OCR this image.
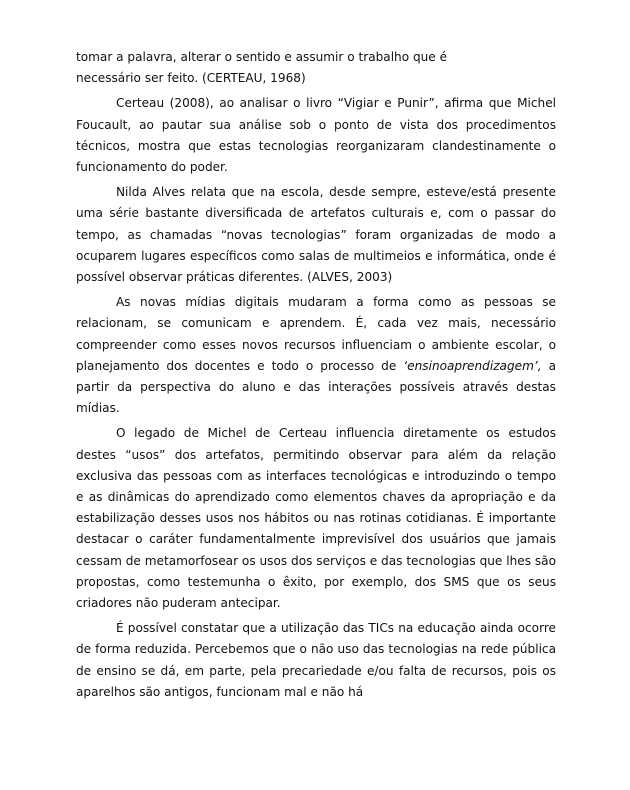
tomar a palavra, alterar o sentido e assumir o trabalho que é
necessário ser feito. (CERTEAU, 1968)

Certeau (2008), ao analisar o livro “Vigiar e Punir”, afirma que Michel Foucault, ao pautar sua análise sob o ponto de vista dos procedimentos técnicos, mostra que estas tecnologias reorganizaram clandestinamente o funcionamento do poder.

Nilda Alves relata que na escola, desde sempre, esteve/está presente uma série bastante diversificada de artefatos culturais e, com o passar do tempo, as chamadas “novas tecnologias” foram organizadas de modo a ocuparem lugares específicos como salas de multimeios e informática, onde é possível observar práticas diferentes. (ALVES, 2003)

As novas mídias digitais mudaram a forma como as pessoas se relacionam, se comunicam e aprendem. É, cada vez mais, necessário compreender como esses novos recursos influenciam o ambiente escolar, o planejamento dos docentes e todo o processo de ‘ensinoaprendizagem’, a partir da perspectiva do aluno e das interações possíveis através destas mídias.

O legado de Michel de Certeau influencia diretamente os estudos destes “usos” dos artefatos, permitindo observar para além da relação exclusiva das pessoas com as interfaces tecnológicas e introduzindo o tempo e as dinâmicas do aprendizado como elementos chaves da apropriação e da estabilização desses usos nos hábitos ou nas rotinas cotidianas. É importante destacar o caráter fundamentalmente imprevisível dos usuários que jamais cessam de metamorfosear os usos dos serviços e das tecnologias que lhes são propostas, como testemunha o êxito, por exemplo, dos SMS que os seus criadores não puderam antecipar.

É possível constatar que a utilização das TICs na educação ainda ocorre de forma reduzida. Percebemos que o não uso das tecnologias na rede pública de ensino se dá, em parte, pela precariedade e/ou falta de recursos, pois os aparelhos são antigos, funcionam mal e não há
